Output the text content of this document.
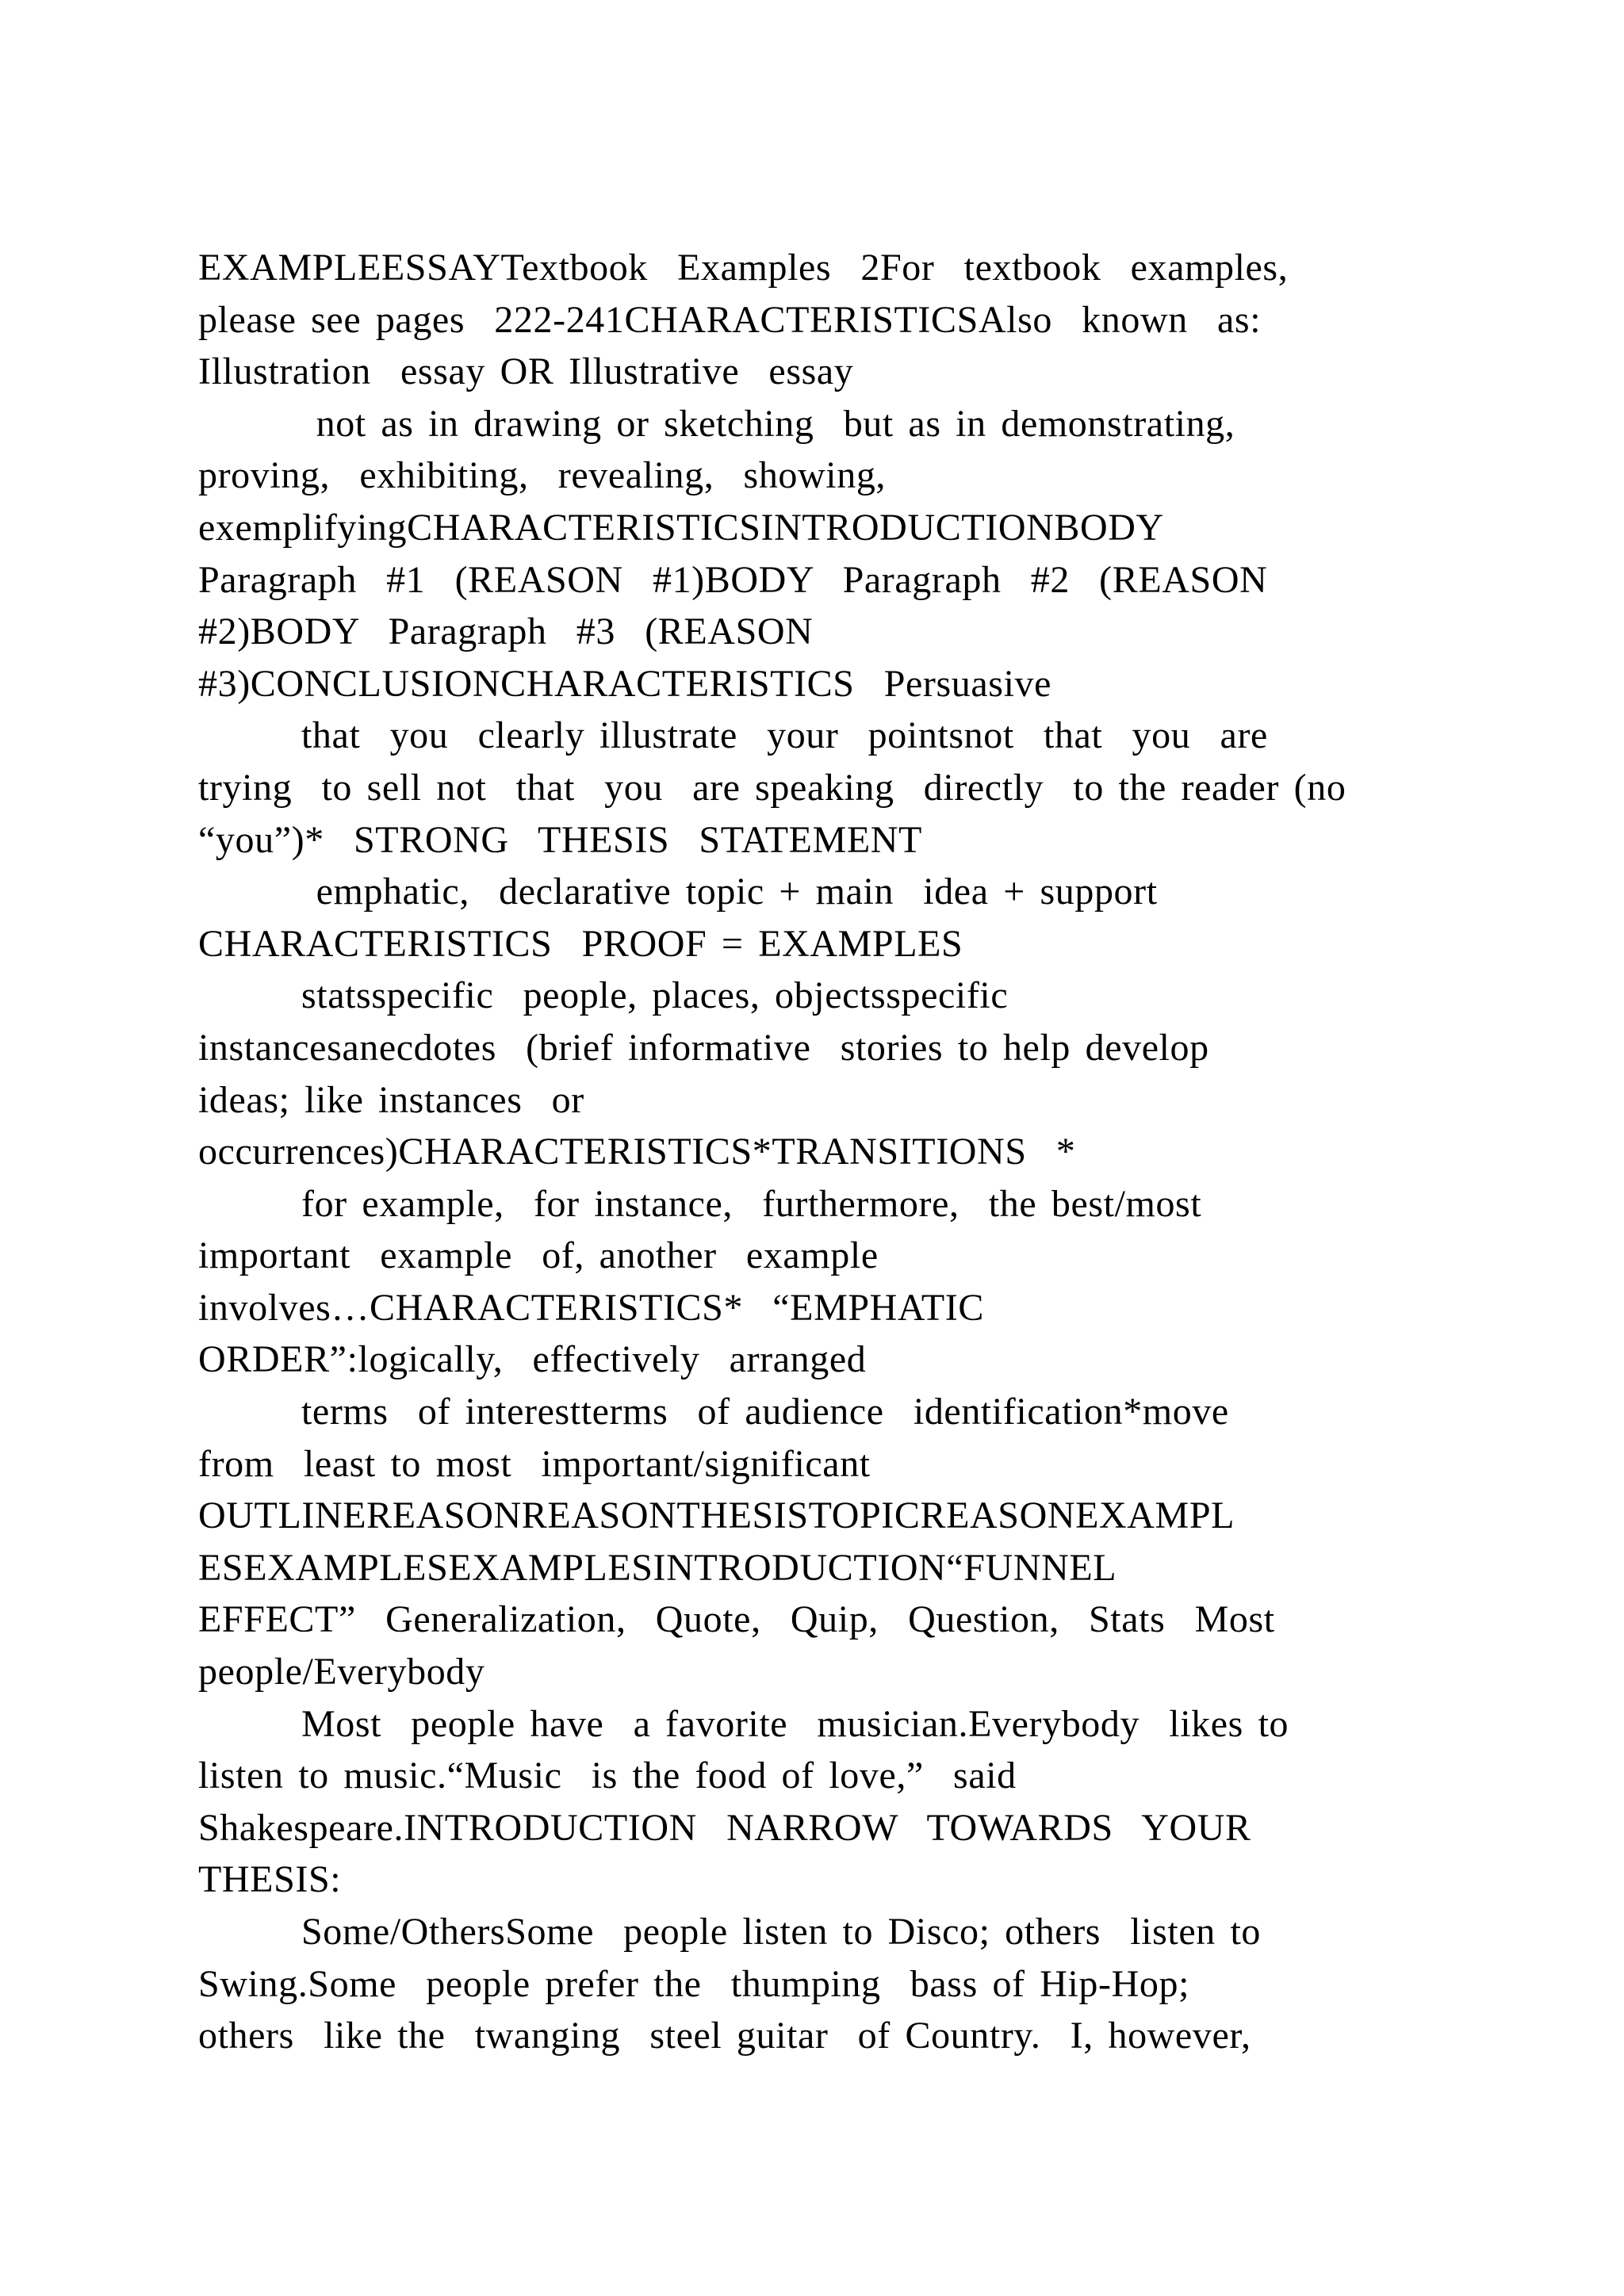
EXAMPLEESSAYTextbook  Examples  2For  textbook  examples,
please see pages  222-241CHARACTERISTICSAlso  known  as:
Illustration  essay OR Illustrative  essay
not as in drawing or sketching  but as in demonstrating,
proving,  exhibiting,  revealing,  showing,
exemplifyingCHARACTERISTICSINTRODUCTIONBODY
Paragraph  #1  (REASON  #1)BODY  Paragraph  #2  (REASON
#2)BODY  Paragraph  #3  (REASON
#3)CONCLUSIONCHARACTERISTICS  Persuasive
that  you  clearly illustrate  your  pointsnot  that  you  are
trying  to sell not  that  you  are speaking  directly  to the reader (no
“you”)*  STRONG  THESIS  STATEMENT
emphatic,  declarative topic + main  idea + support
CHARACTERISTICS  PROOF = EXAMPLES
statsspecific  people, places, objectsspecific
instancesanecdotes  (brief informative  stories to help develop
ideas; like instances  or
occurrences)CHARACTERISTICS*TRANSITIONS  *
for example,  for instance,  furthermore,  the best/most
important  example  of, another  example
involves…CHARACTERISTICS*  “EMPHATIC
ORDER”:logically,  effectively  arranged
terms  of interestterms  of audience  identification*move
from  least to most  important/significant
OUTLINEREASONREASONTHESISTOPICREASONEXAMPL
ESEXAMPLESEXAMPLESINTRODUCTION“FUNNEL
EFFECT”  Generalization,  Quote,  Quip,  Question,  Stats  Most
people/Everybody
Most  people have  a favorite  musician.Everybody  likes to
listen to music.“Music  is the food of love,”  said
Shakespeare.INTRODUCTION  NARROW  TOWARDS  YOUR
THESIS:
Some/OthersSome  people listen to Disco; others  listen to
Swing.Some  people prefer the  thumping  bass of Hip-Hop;
others  like the  twanging  steel guitar  of Country.  I, however,
